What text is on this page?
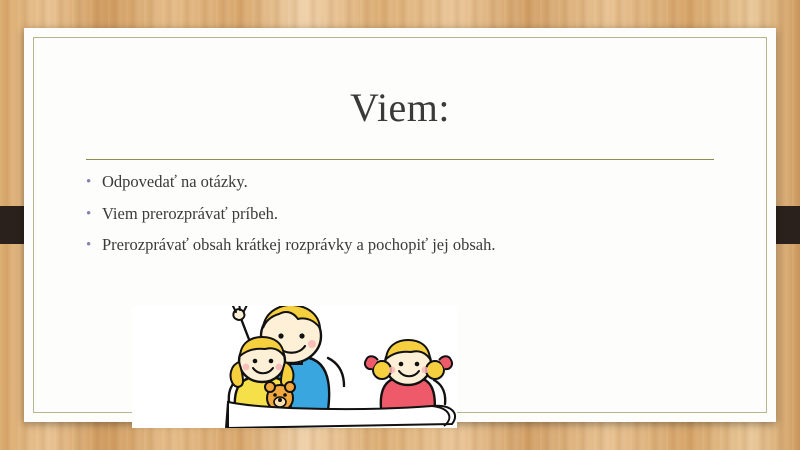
Viem:
• Odpovedať na otázky.
• Viem prerozprávať príbeh.
• Prerozprávať obsah krátkej rozprávky a pochopiť jej obsah.
